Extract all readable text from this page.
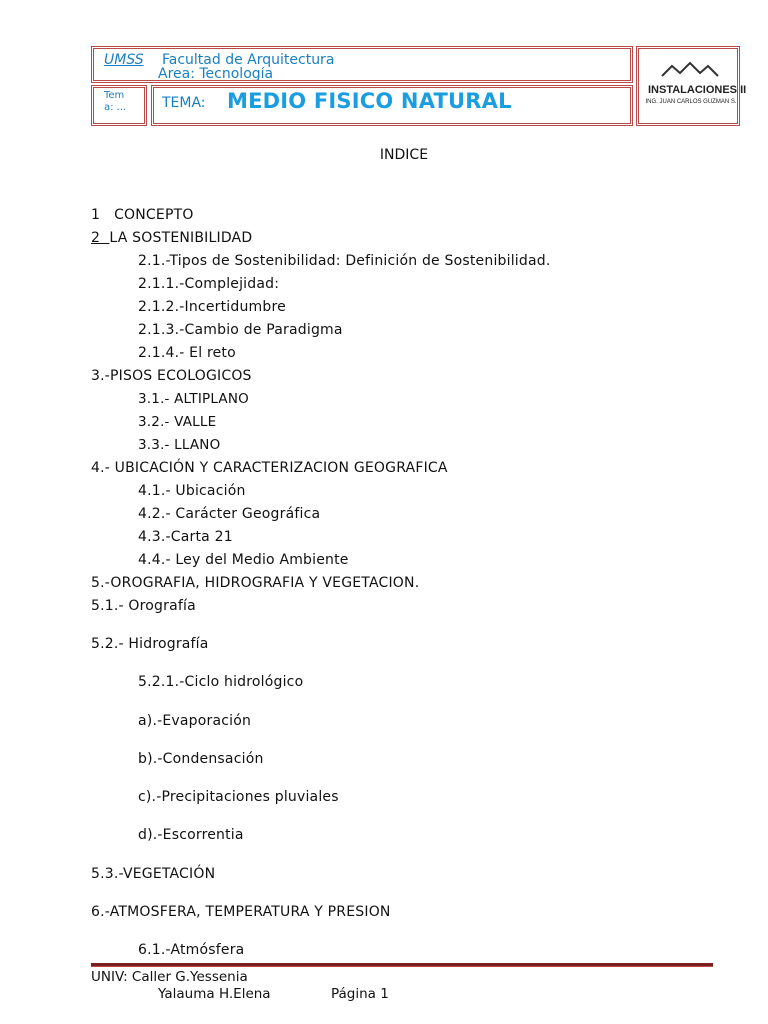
UMSS Facultad de Arquitectura
Área: Tecnología
Tem a: ...	TEMA: MEDIO FISICO NATURAL	INSTALACIONES II
ING. JUAN CARLOS GUZMAN S.
INDICE
1 CONCEPTO
2 LA SOSTENIBILIDAD
2.1.-Tipos de Sostenibilidad: Definición de Sostenibilidad.
2.1.1.-Complejidad:
2.1.2.-Incertidumbre
2.1.3.-Cambio de Paradigma
2.1.4.- El reto
3.-PISOS ECOLOGICOS
3.1.- ALTIPLANO
3.2.- VALLE
3.3.- LLANO
4.- UBICACIÓN Y CARACTERIZACION GEOGRAFICA
4.1.- Ubicación
4.2.- Carácter Geográfica
4.3.-Carta 21
4.4.- Ley del Medio Ambiente
5.-OROGRAFIA, HIDROGRAFIA Y VEGETACION.
5.1.- Orografía
5.2.- Hidrografía
5.2.1.-Ciclo hidrológico
a).-Evaporación
b).-Condensación
c).-Precipitaciones pluviales
d).-Escorrentia
5.3.-VEGETACIÓN
6.-ATMOSFERA, TEMPERATURA Y PRESION
6.1.-Atmósfera
UNIV: Caller G.Yessenia
Yalauma H.Elena	Página 1
